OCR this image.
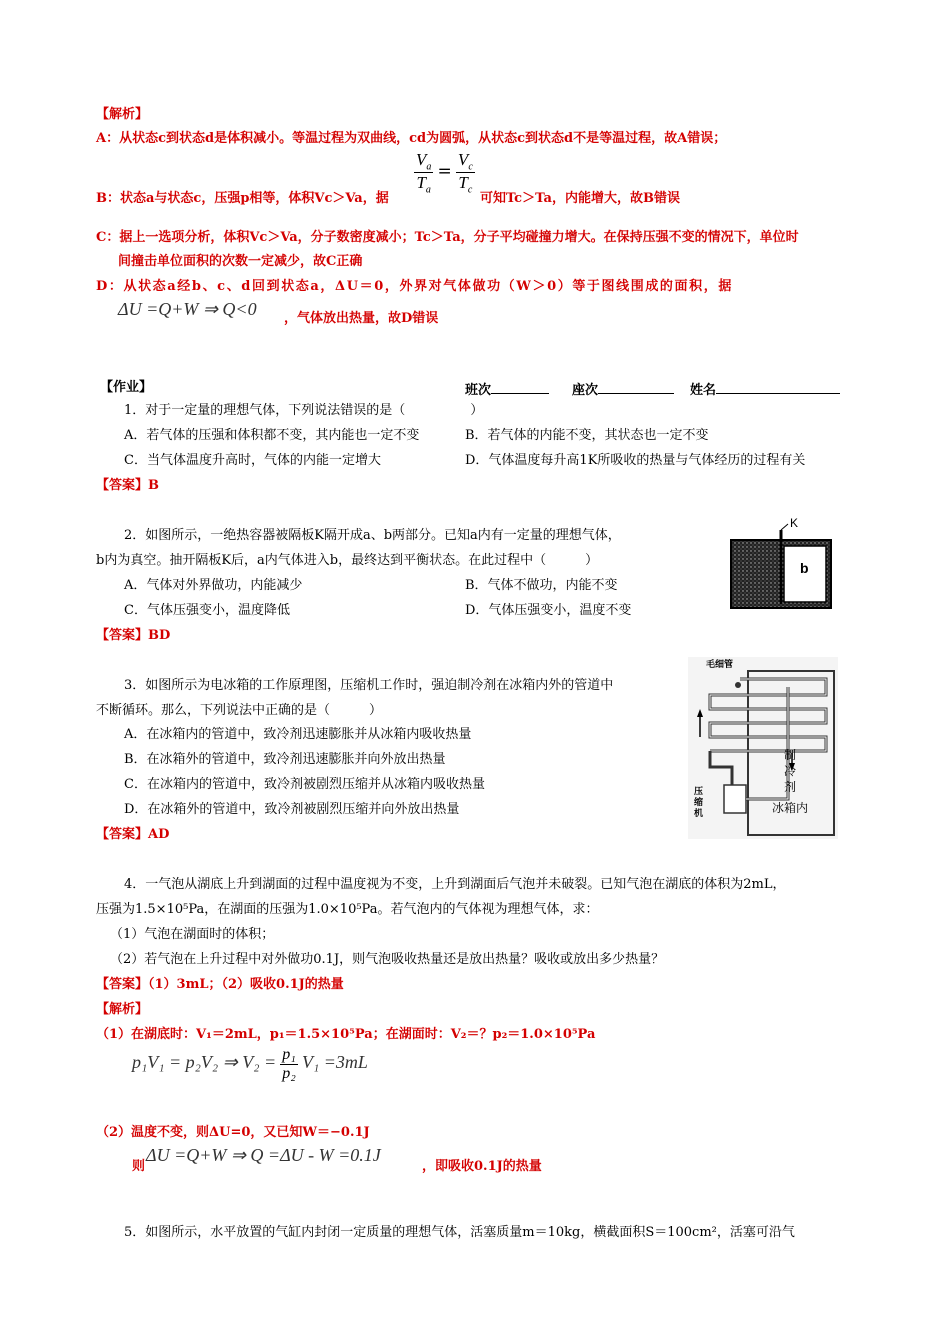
【解析】
A：从状态c到状态d是体积减小。等温过程为双曲线，cd为圆弧，从状态c到状态d不是等温过程，故A错误；
$\frac{V_a}{T_a} = \frac{V_c}{T_c}$
B：状态a与状态c，压强p相等，体积Vc＞Va，据	可知Tc＞Ta，内能增大，故B错误
C：据上一选项分析，体积Vc＞Va，分子数密度减小；Tc＞Ta，分子平均碰撞力增大。在保持压强不变的情况下，单位时
间撞击单位面积的次数一定减少，故C正确
D：从状态a经b、c、d回到状态a，ΔU＝0，外界对气体做功（W＞0）等于图线围成的面积，据
ΔU =Q+W ⇒ Q<0 ，气体放出热量，故D错误
【作业】	班次	座次	姓名
1．对于一定量的理想气体，下列说法错误的是（　　　　　）
A．若气体的压强和体积都不变，其内能也一定不变	B．若气体的内能不变，其状态也一定不变
C．当气体温度升高时，气体的内能一定增大	D．气体温度每升高1K所吸收的热量与气体经历的过程有关
【答案】B
2．如图所示，一绝热容器被隔板K隔开成a、b两部分。已知a内有一定量的理想气体，
b内为真空。抽开隔板K后，a内气体进入b，最终达到平衡状态。在此过程中（　　　）
A．气体对外界做功，内能减少	B．气体不做功，内能不变
C．气体压强变小，温度降低	D．气体压强变小，温度不变
【答案】BD
K
b
3．如图所示为电冰箱的工作原理图，压缩机工作时，强迫制冷剂在冰箱内外的管道中
不断循环。那么，下列说法中正确的是（　　　）
A．在冰箱内的管道中，致冷剂迅速膨胀并从冰箱内吸收热量
B．在冰箱外的管道中，致冷剂迅速膨胀并向外放出热量
C．在冰箱内的管道中，致冷剂被剧烈压缩并从冰箱内吸收热量
D．在冰箱外的管道中，致冷剂被剧烈压缩并向外放出热量
【答案】AD
毛细管
压缩机
制冷剂
冰箱内
4．一气泡从湖底上升到湖面的过程中温度视为不变，上升到湖面后气泡并未破裂。已知气泡在湖底的体积为2mL，
压强为1.5×10⁵Pa，在湖面的压强为1.0×10⁵Pa。若气泡内的气体视为理想气体，求：
（1）气泡在湖面时的体积；
（2）若气泡在上升过程中对外做功0.1J，则气泡吸收热量还是放出热量？吸收或放出多少热量？
【答案】（1）3mL；（2）吸收0.1J的热量
【解析】
（1）在湖底时：V₁＝2mL，p₁＝1.5×10⁵Pa；在湖面时：V₂＝？p₂＝1.0×10⁵Pa
p₁V₁ = p₂V₂ ⇒ $V_2 = \frac{\text{p₁}}{\text{p₂}} V_1 =3mL$
（2）温度不变，则ΔU=0，又已知W＝−0.1J
则
ΔU =Q+W ⇒ Q =ΔU - W =0.1J
，即吸收0.1J的热量
5．如图所示，水平放置的气缸内封闭一定质量的理想气体，活塞质量m＝10kg，横截面积S＝100cm²，活塞可沿气
